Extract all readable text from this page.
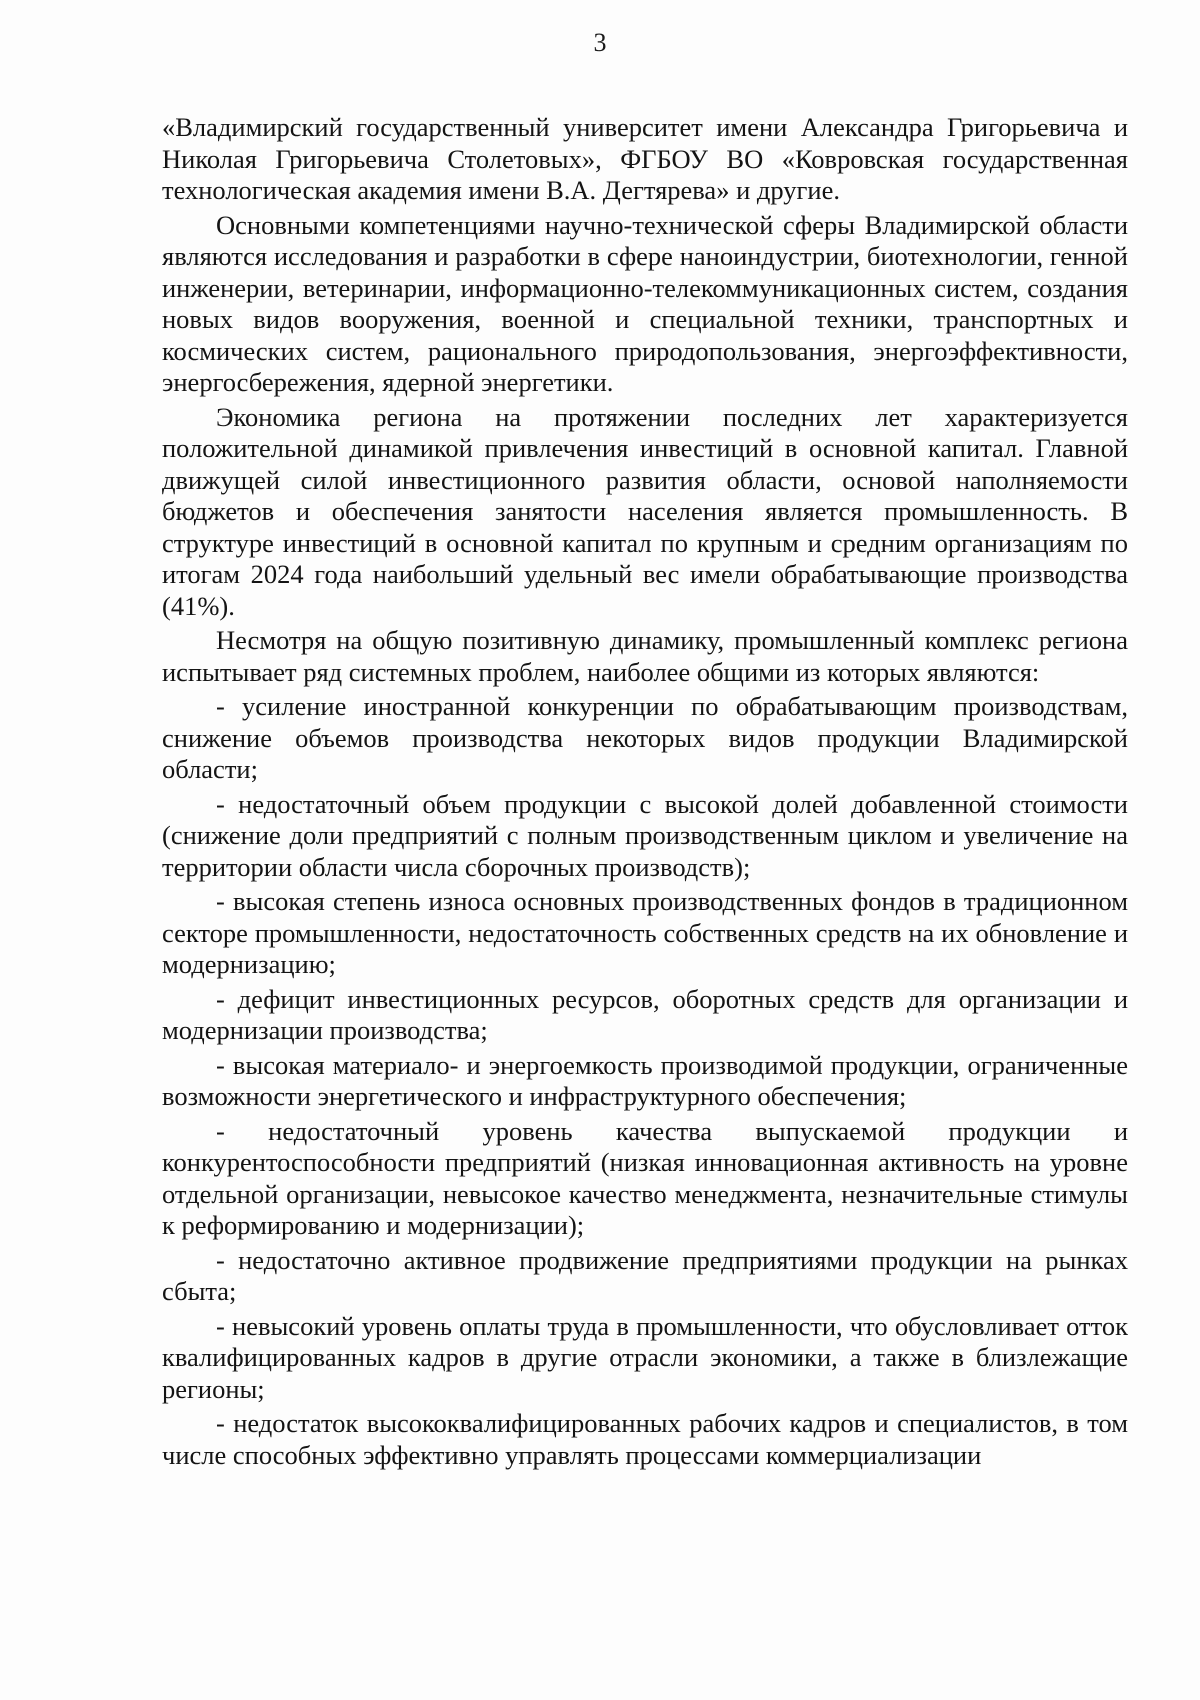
3

«Владимирский государственный университет имени Александра Григорьевича и Николая Григорьевича Столетовых», ФГБОУ ВО «Ковровская государственная технологическая академия имени В.А. Дегтярева» и другие.

Основными компетенциями научно-технической сферы Владимирской области являются исследования и разработки в сфере наноиндустрии, биотехнологии, генной инженерии, ветеринарии, информационно-телекоммуникационных систем, создания новых видов вооружения, военной и специальной техники, транспортных и космических систем, рационального природопользования, энергоэффективности, энергосбережения, ядерной энергетики.

Экономика региона на протяжении последних лет характеризуется положительной динамикой привлечения инвестиций в основной капитал. Главной движущей силой инвестиционного развития области, основой наполняемости бюджетов и обеспечения занятости населения является промышленность. В структуре инвестиций в основной капитал по крупным и средним организациям по итогам 2024 года наибольший удельный вес имели обрабатывающие производства (41%).

Несмотря на общую позитивную динамику, промышленный комплекс региона испытывает ряд системных проблем, наиболее общими из которых являются:

- усиление иностранной конкуренции по обрабатывающим производствам, снижение объемов производства некоторых видов продукции Владимирской области;

- недостаточный объем продукции с высокой долей добавленной стоимости (снижение доли предприятий с полным производственным циклом и увеличение на территории области числа сборочных производств);

- высокая степень износа основных производственных фондов в традиционном секторе промышленности, недостаточность собственных средств на их обновление и модернизацию;

- дефицит инвестиционных ресурсов, оборотных средств для организации и модернизации производства;

- высокая материало- и энергоемкость производимой продукции, ограниченные возможности энергетического и инфраструктурного обеспечения;

- недостаточный уровень качества выпускаемой продукции и конкурентоспособности предприятий (низкая инновационная активность на уровне отдельной организации, невысокое качество менеджмента, незначительные стимулы к реформированию и модернизации);

- недостаточно активное продвижение предприятиями продукции на рынках сбыта;

- невысокий уровень оплаты труда в промышленности, что обусловливает отток квалифицированных кадров в другие отрасли экономики, а также в близлежащие регионы;

- недостаток высококвалифицированных рабочих кадров и специалистов, в том числе способных эффективно управлять процессами коммерциализации
